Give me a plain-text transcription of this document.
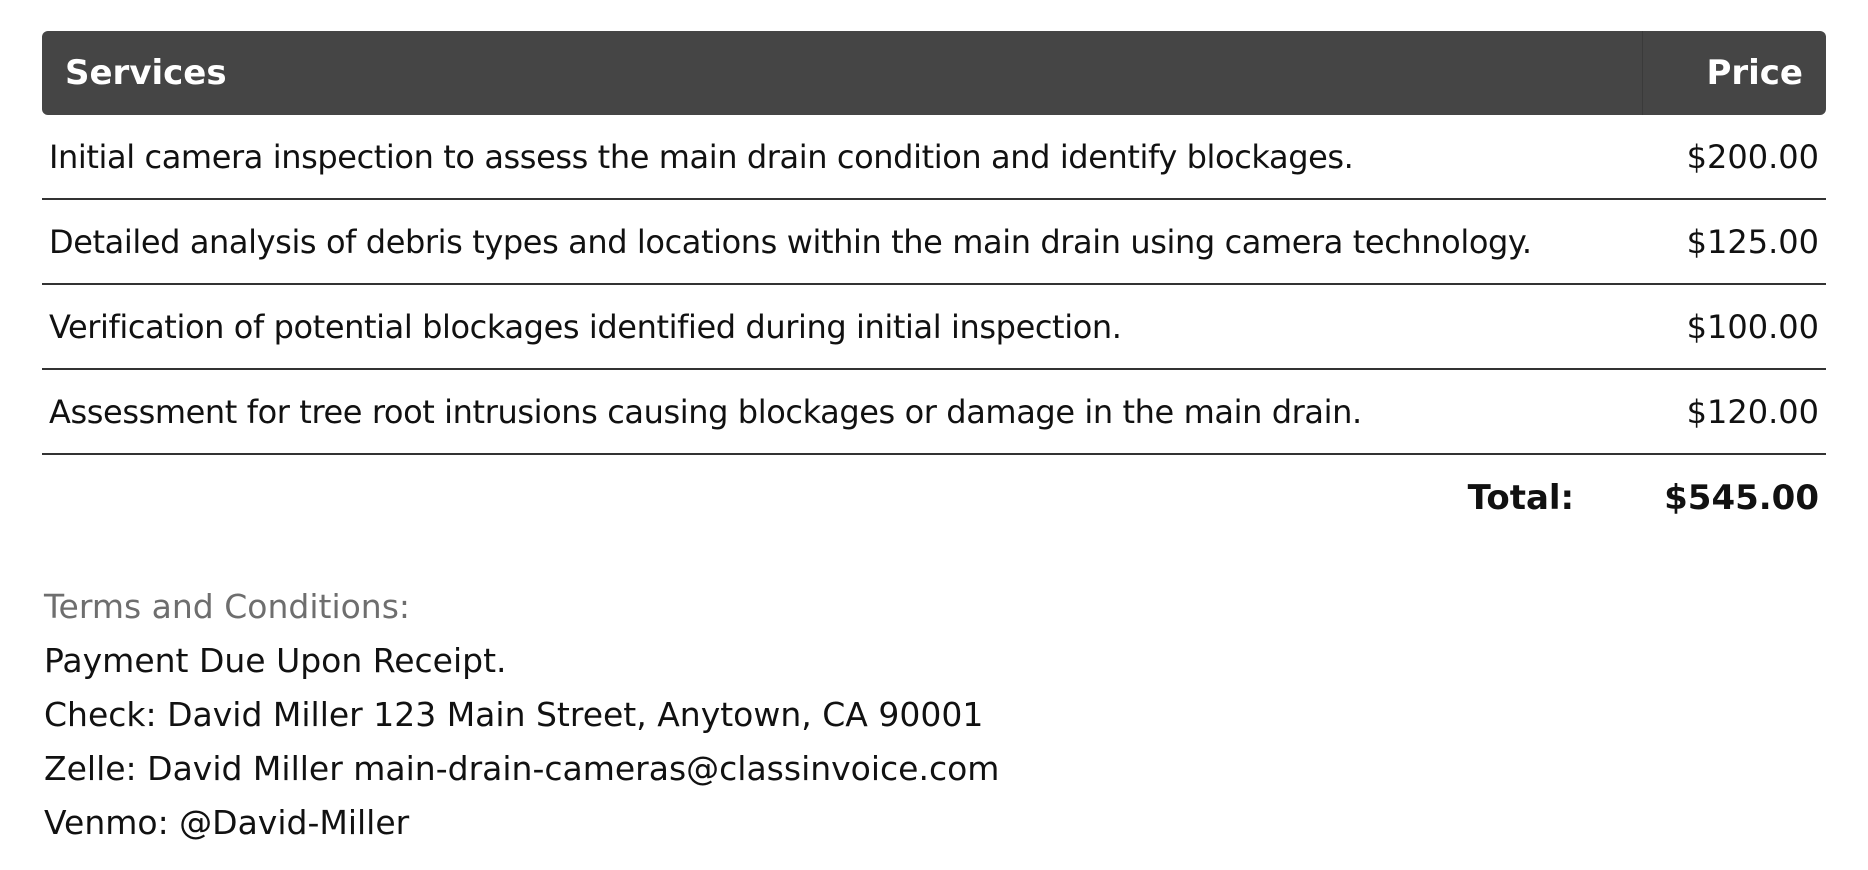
Services	Price
Initial camera inspection to assess the main drain condition and identify blockages.	$200.00
Detailed analysis of debris types and locations within the main drain using camera technology.	$125.00
Verification of potential blockages identified during initial inspection.	$100.00
Assessment for tree root intrusions causing blockages or damage in the main drain.	$120.00
Total:	$545.00
Terms and Conditions:
Payment Due Upon Receipt.
Check: David Miller 123 Main Street, Anytown, CA 90001
Zelle: David Miller main-drain-cameras@classinvoice.com
Venmo: @David-Miller
